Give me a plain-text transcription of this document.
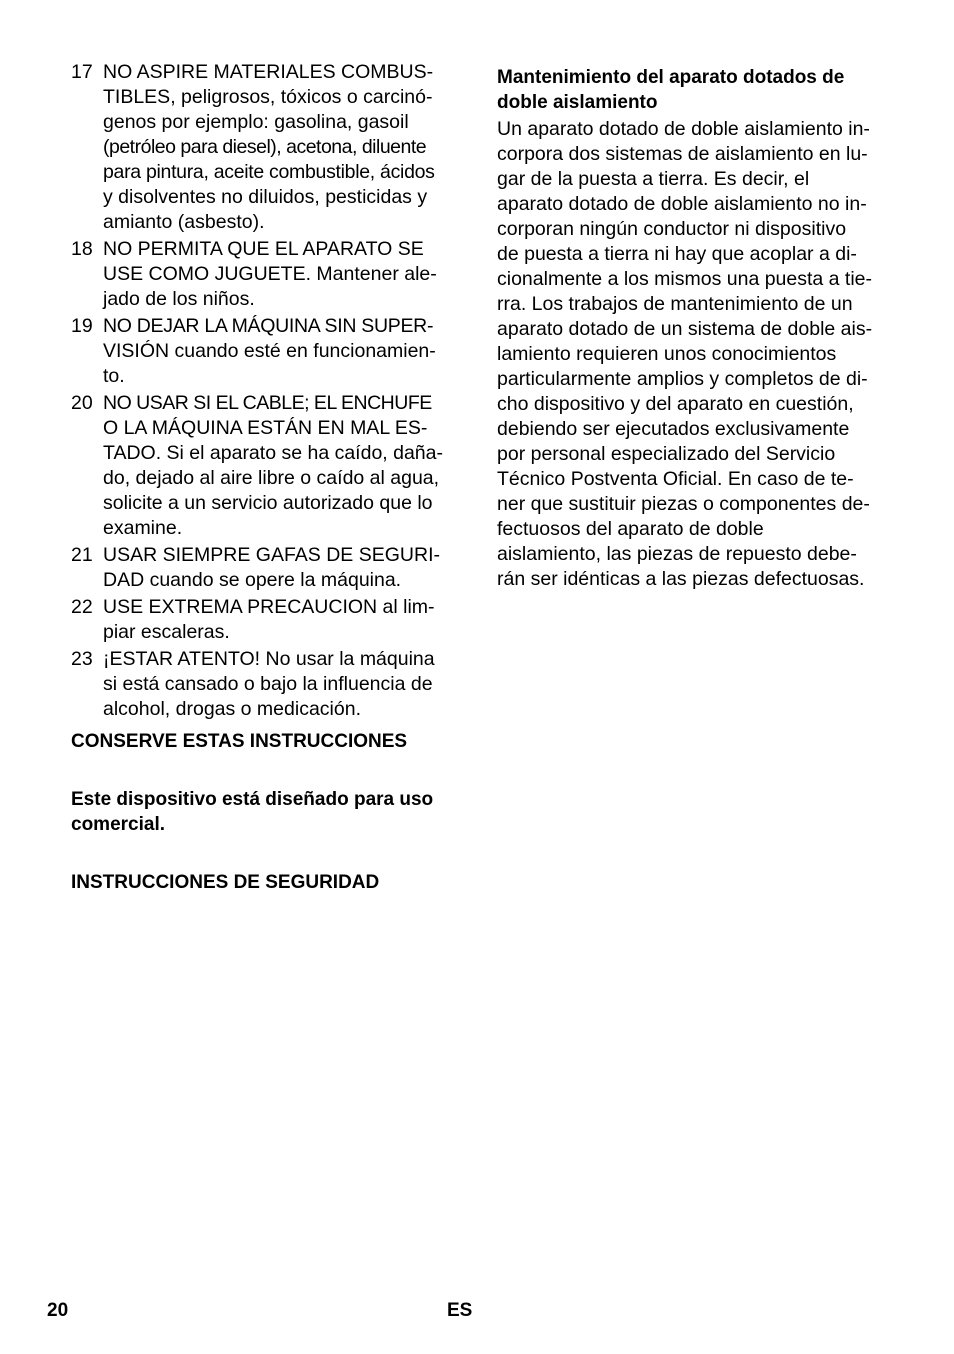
17 NO ASPIRE MATERIALES COMBUS-
TIBLES, peligrosos, tóxicos o carcinó-
genos por ejemplo: gasolina, gasoil
(petróleo para diesel), acetona, diluente
para pintura, aceite combustible, ácidos
y disolventes no diluidos, pesticidas y
amianto (asbesto).
18 NO PERMITA QUE EL APARATO SE
USE COMO JUGUETE. Mantener ale-
jado de los niños.
19 NO DEJAR LA MÁQUINA SIN SUPER-
VISIÓN cuando esté en funcionamien-
to.
20 NO USAR SI EL CABLE; EL ENCHUFE
O LA MÁQUINA ESTÁN EN MAL ES-
TADO. Si el aparato se ha caído, daña-
do, dejado al aire libre o caído al agua,
solicite a un servicio autorizado que lo
examine.
21 USAR SIEMPRE GAFAS DE SEGURI-
DAD cuando se opere la máquina.
22 USE EXTREMA PRECAUCION al lim-
piar escaleras.
23 ¡ESTAR ATENTO! No usar la máquina
si está cansado o bajo la influencia de
alcohol, drogas o medicación.
CONSERVE ESTAS INSTRUCCIONES
Este dispositivo está diseñado para uso
comercial.
INSTRUCCIONES DE SEGURIDAD
Mantenimiento del aparato dotados de
doble aislamiento
Un aparato dotado de doble aislamiento in-
corpora dos sistemas de aislamiento en lu-
gar de la puesta a tierra. Es decir, el
aparato dotado de doble aislamiento no in-
corporan ningún conductor ni dispositivo
de puesta a tierra ni hay que acoplar a di-
cionalmente a los mismos una puesta a tie-
rra. Los trabajos de mantenimiento de un
aparato dotado de un sistema de doble ais-
lamiento requieren unos conocimientos
particularmente amplios y completos de di-
cho dispositivo y del aparato en cuestión,
debiendo ser ejecutados exclusivamente
por personal especializado del Servicio
Técnico Postventa Oficial. En caso de te-
ner que sustituir piezas o componentes de-
fectuosos del aparato de doble
aislamiento, las piezas de repuesto debe-
rán ser idénticas a las piezas defectuosas.
20	ES
